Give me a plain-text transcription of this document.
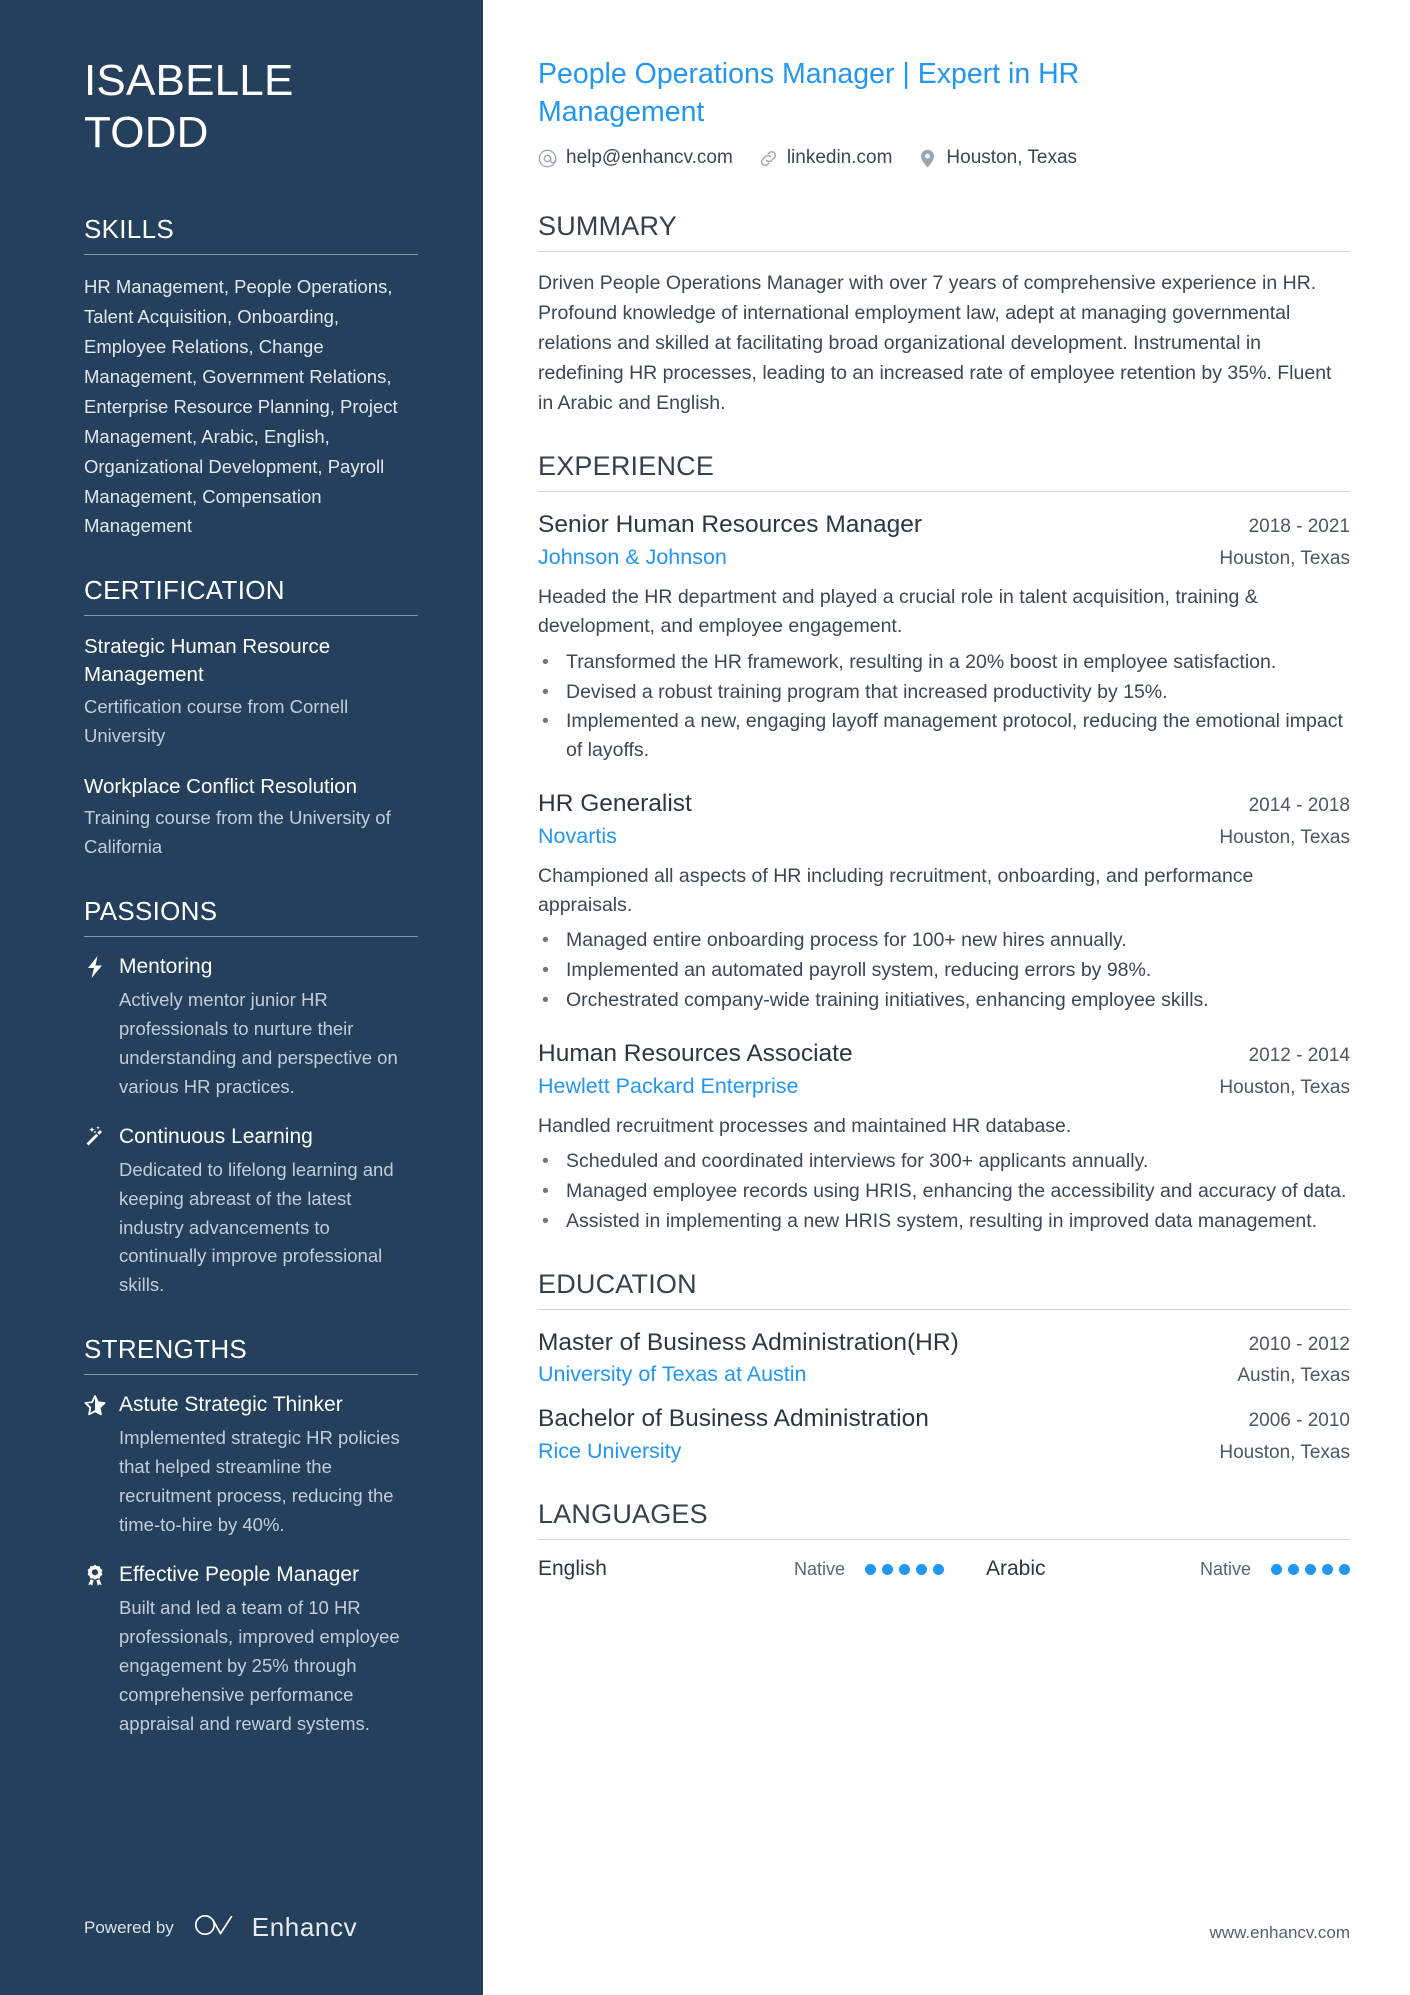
ISABELLE
TODD
SKILLS
HR Management, People Operations, Talent Acquisition, Onboarding, Employee Relations, Change Management, Government Relations, Enterprise Resource Planning, Project Management, Arabic, English, Organizational Development, Payroll Management, Compensation Management
CERTIFICATION
Strategic Human Resource Management
Certification course from Cornell University
Workplace Conflict Resolution
Training course from the University of California
PASSIONS
Mentoring
Actively mentor junior HR professionals to nurture their understanding and perspective on various HR practices.
Continuous Learning
Dedicated to lifelong learning and keeping abreast of the latest industry advancements to continually improve professional skills.
STRENGTHS
Astute Strategic Thinker
Implemented strategic HR policies that helped streamline the recruitment process, reducing the time-to-hire by 40%.
Effective People Manager
Built and led a team of 10 HR professionals, improved employee engagement by 25% through comprehensive performance appraisal and reward systems.
Powered by	Enhancv
People Operations Manager | Expert in HR Management
help@enhancv.com	linkedin.com	Houston, Texas
SUMMARY
Driven People Operations Manager with over 7 years of comprehensive experience in HR. Profound knowledge of international employment law, adept at managing governmental relations and skilled at facilitating broad organizational development. Instrumental in redefining HR processes, leading to an increased rate of employee retention by 35%. Fluent in Arabic and English.
EXPERIENCE
Senior Human Resources Manager	2018 - 2021
Johnson & Johnson	Houston, Texas
Headed the HR department and played a crucial role in talent acquisition, training & development, and employee engagement.
• Transformed the HR framework, resulting in a 20% boost in employee satisfaction.
• Devised a robust training program that increased productivity by 15%.
• Implemented a new, engaging layoff management protocol, reducing the emotional impact of layoffs.
HR Generalist	2014 - 2018
Novartis	Houston, Texas
Championed all aspects of HR including recruitment, onboarding, and performance appraisals.
• Managed entire onboarding process for 100+ new hires annually.
• Implemented an automated payroll system, reducing errors by 98%.
• Orchestrated company-wide training initiatives, enhancing employee skills.
Human Resources Associate	2012 - 2014
Hewlett Packard Enterprise	Houston, Texas
Handled recruitment processes and maintained HR database.
• Scheduled and coordinated interviews for 300+ applicants annually.
• Managed employee records using HRIS, enhancing the accessibility and accuracy of data.
• Assisted in implementing a new HRIS system, resulting in improved data management.
EDUCATION
Master of Business Administration(HR)	2010 - 2012
University of Texas at Austin	Austin, Texas
Bachelor of Business Administration	2006 - 2010
Rice University	Houston, Texas
LANGUAGES
English	Native	Arabic	Native
www.enhancv.com
